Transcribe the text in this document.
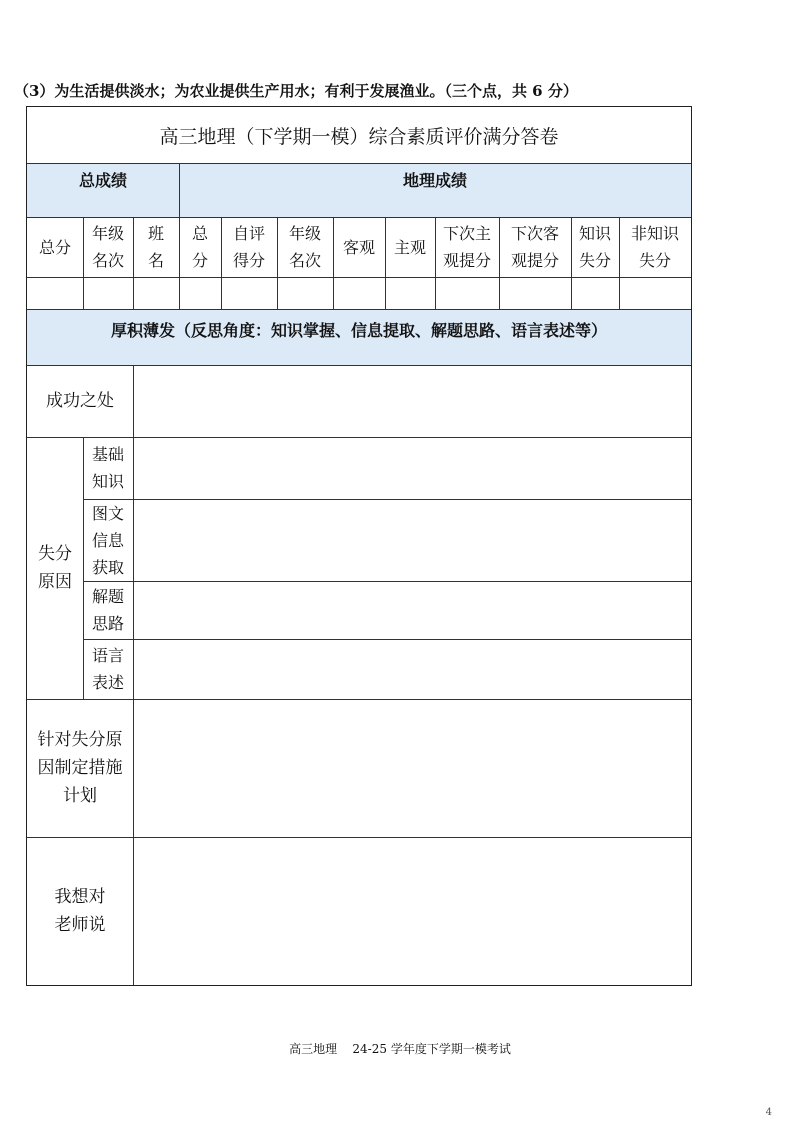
（3）为生活提供淡水；为农业提供生产用水；有利于发展渔业。（三个点，共 6 分）
高三地理（下学期一模）综合素质评价满分答卷
总成绩	地理成绩
总分
年级
名次
班
名
总
分
自评
得分
年级
名次
客观 主观
下次主
观提分
下次客
观提分
知识
失分
非知识
失分
厚积薄发（反思角度：知识掌握、信息提取、解题思路、语言表述等）
成功之处
失分
原因
基础
知识
图文
信息
获取
解题
思路
语言
表述
针对失分原
因制定措施
计划
我想对
老师说
高三地理    24-25 学年度下学期一模考试
4
